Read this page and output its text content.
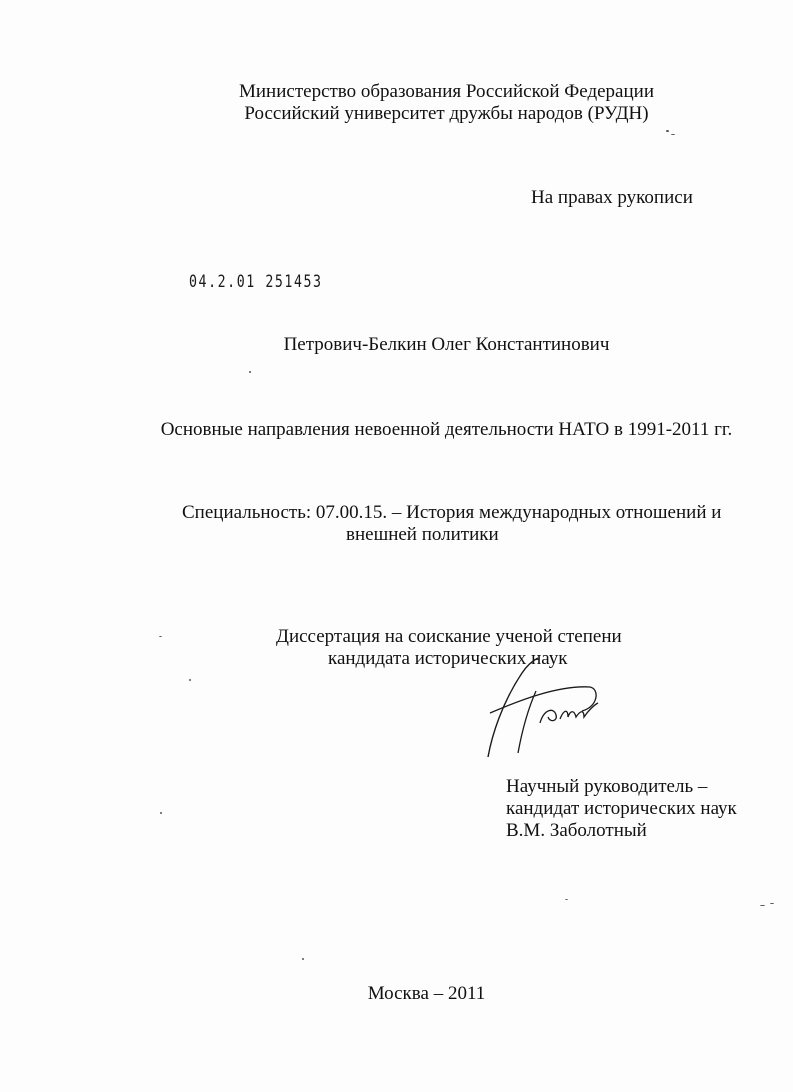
Министерство образования Российской Федерации
Российский университет дружбы народов (РУДН)
На правах рукописи
04.2.01 251453
Петрович-Белкин Олег Константинович
Основные направления невоенной деятельности НАТО в 1991-2011 гг.
Специальность: 07.00.15. – История международных отношений и
внешней политики
Диссертация на соискание ученой степени
кандидата исторических наук
Научный руководитель –
кандидат исторических наук
В.М. Заболотный
Москва – 2011
